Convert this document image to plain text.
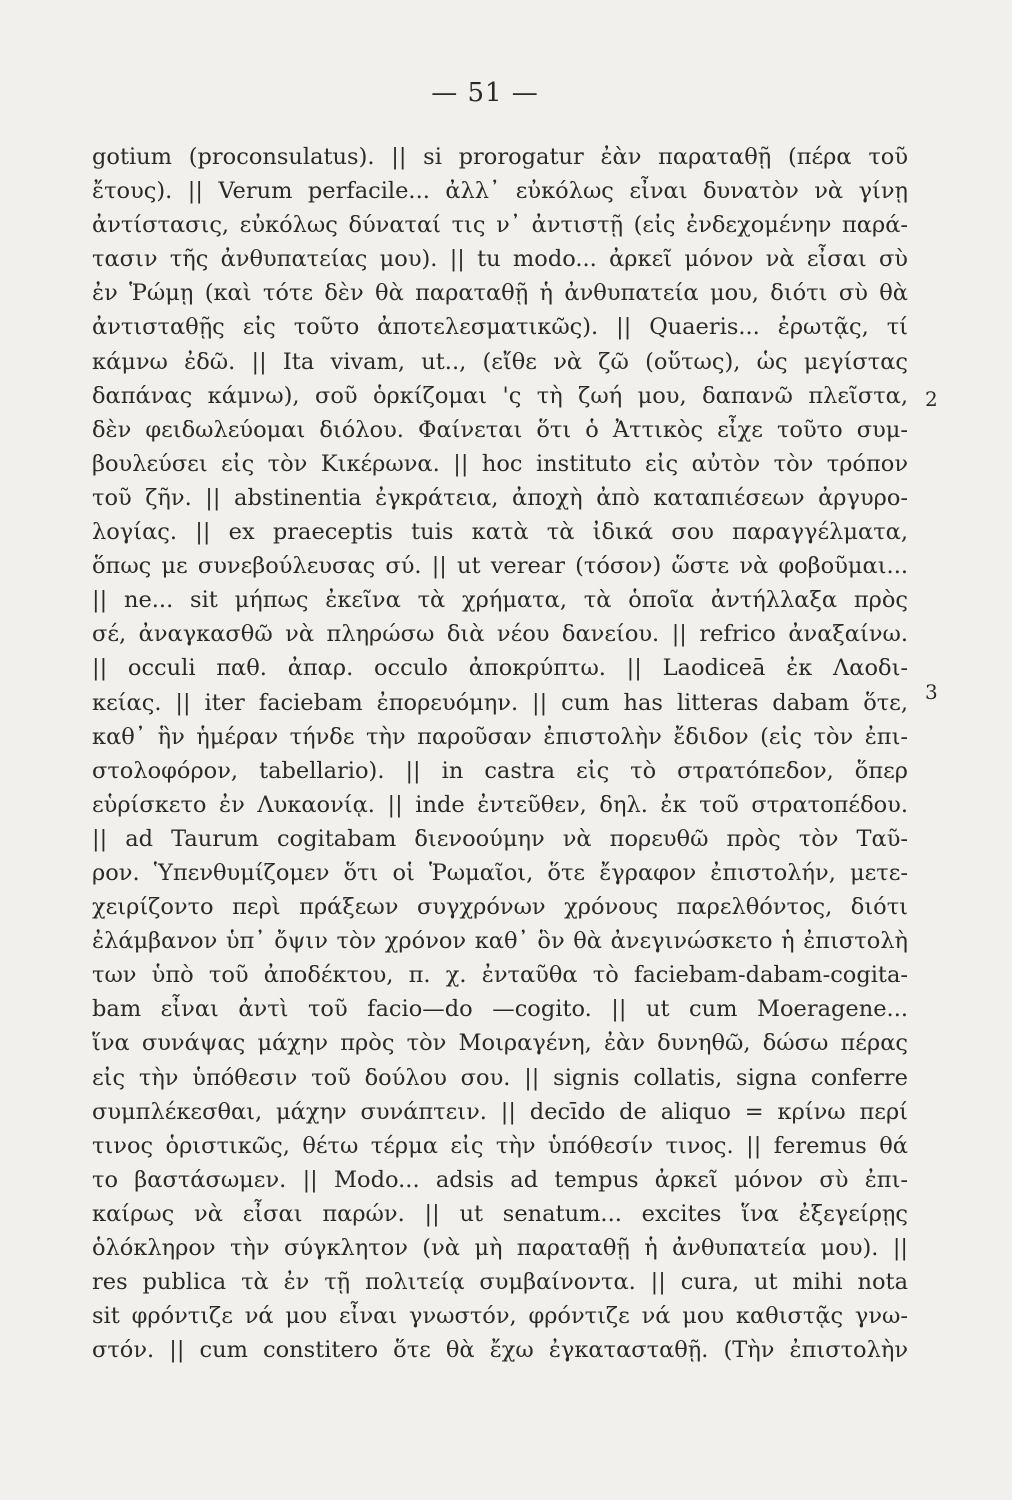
— 51 —
gotium (proconsulatus). || si prorogatur ἐὰν παραταθῇ (πέρα τοῦ
ἔτους). || Verum perfacile... ἀλλ᾽ εὐκόλως εἶναι δυνατὸν νὰ γίνῃ
ἀντίστασις, εὐκόλως δύναταί τις ν᾽ ἀντιστῇ (εἰς ἐνδεχομένην παρά-
τασιν τῆς ἀνθυπατείας μου). || tu modo... ἀρκεῖ μόνον νὰ εἶσαι σὺ
ἐν Ῥώμῃ (καὶ τότε δὲν θὰ παραταθῇ ἡ ἀνθυπατεία μου, διότι σὺ θὰ
ἀντισταθῇς εἰς τοῦτο ἀποτελεσματικῶς). || Quaeris... ἐρωτᾷς, τί
κάμνω ἐδῶ. || Ita vivam, ut.., (εἴθε νὰ ζῶ (οὕτως), ὡς μεγίστας
δαπάνας κάμνω), σοῦ ὁρκίζομαι 'ς τὴ ζωή μου, δαπανῶ πλεῖστα,
δὲν φειδωλεύομαι διόλου. Φαίνεται ὅτι ὁ Ἀττικὸς εἶχε τοῦτο συμ-
βουλεύσει εἰς τὸν Κικέρωνα. || hoc instituto εἰς αὐτὸν τὸν τρόπον
τοῦ ζῆν. || abstinentia ἐγκράτεια, ἀποχὴ ἀπὸ καταπιέσεων ἀργυρο-
λογίας. || ex praeceptis tuis κατὰ τὰ ἰδικά σου παραγγέλματα,
ὅπως με συνεβούλευσας σύ. || ut verear (τόσον) ὥστε νὰ φοβοῦμαι...
|| ne... sit μήπως ἐκεῖνα τὰ χρήματα, τὰ ὁποῖα ἀντήλλαξα πρὸς
σέ, ἀναγκασθῶ νὰ πληρώσω διὰ νέου δανείου. || refrico ἀναξαίνω.
|| occuli παθ. ἀπαρ. occulo ἀποκρύπτω. || Laodiceā ἐκ Λαοδι-
κείας. || iter faciebam ἐπορευόμην. || cum has litteras dabam ὅτε,
καθ᾽ ἣν ἡμέραν τήνδε τὴν παροῦσαν ἐπιστολὴν ἔδιδον (εἰς τὸν ἐπι-
στολοφόρον, tabellario). || in castra εἰς τὸ στρατόπεδον, ὅπερ
εὑρίσκετο ἐν Λυκαονίᾳ. || inde ἐντεῦθεν, δηλ. ἐκ τοῦ στρατοπέδου.
|| ad Taurum cogitabam διενοούμην νὰ πορευθῶ πρὸς τὸν Ταῦ-
ρον. Ὑπενθυμίζομεν ὅτι οἱ Ῥωμαῖοι, ὅτε ἔγραφον ἐπιστολήν, μετε-
χειρίζοντο περὶ πράξεων συγχρόνων χρόνους παρελθόντος, διότι
ἐλάμβανον ὑπ᾽ ὄψιν τὸν χρόνον καθ᾽ ὃν θὰ ἀνεγινώσκετο ἡ ἐπιστολὴ
των ὑπὸ τοῦ ἀποδέκτου, π. χ. ἐνταῦθα τὸ faciebam-dabam-cogita-
bam εἶναι ἀντὶ τοῦ facio—do —cogito. || ut cum Moeragene...
ἵνα συνάψας μάχην πρὸς τὸν Μοιραγένη, ἐὰν δυνηθῶ, δώσω πέρας
εἰς τὴν ὑπόθεσιν τοῦ δούλου σου. || signis collatis, signa conferre
συμπλέκεσθαι, μάχην συνάπτειν. || decīdo de aliquo = κρίνω περί
τινος ὁριστικῶς, θέτω τέρμα εἰς τὴν ὑπόθεσίν τινος. || feremus θά
το βαστάσωμεν. || Modo... adsis ad tempus ἀρκεῖ μόνον σὺ ἐπι-
καίρως νὰ εἶσαι παρών. || ut senatum... excites ἵνα ἐξεγείρῃς
ὁλόκληρον τὴν σύγκλητον (νὰ μὴ παραταθῇ ἡ ἀνθυπατεία μου). ||
res publica τὰ ἐν τῇ πολιτείᾳ συμβαίνοντα. || cura, ut mihi nota
sit φρόντιζε νά μου εἶναι γνωστόν, φρόντιζε νά μου καθιστᾷς γνω-
στόν. || cum constitero ὅτε θὰ ἔχω ἐγκατασταθῇ. (Τὴν ἐπιστολὴν
2
3
